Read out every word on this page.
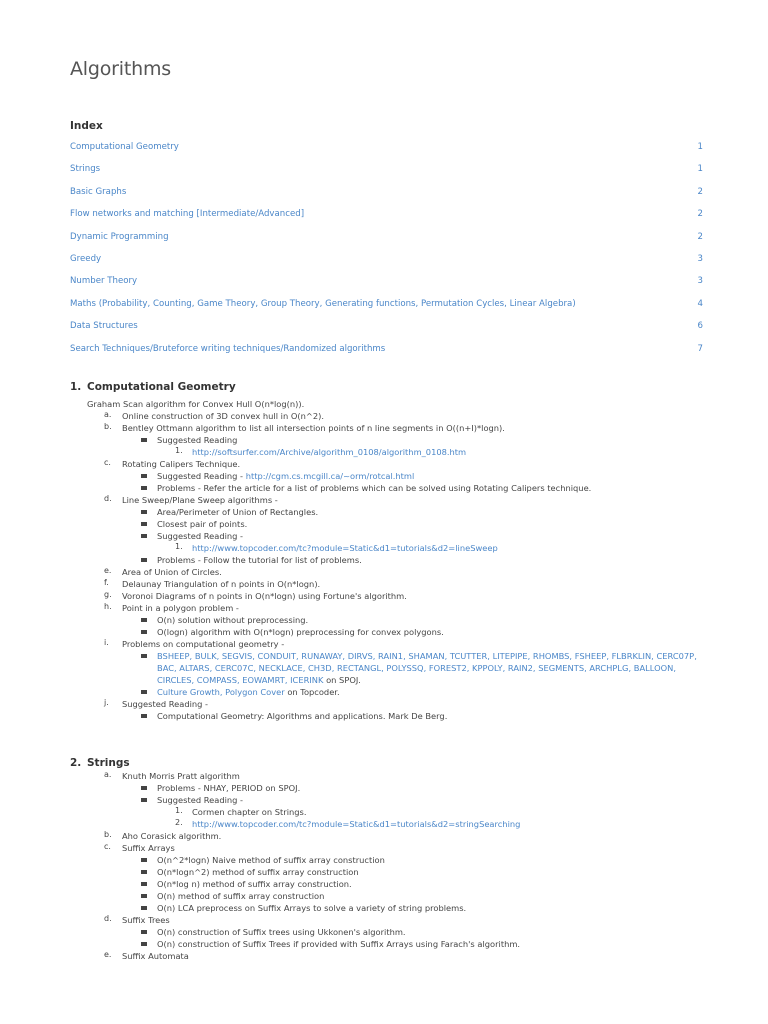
Algorithms
Index
Computational Geometry	1
Strings	1
Basic Graphs	2
Flow networks and matching [Intermediate/Advanced]	2
Dynamic Programming	2
Greedy	3
Number Theory	3
Maths (Probability, Counting, Game Theory, Group Theory, Generating functions, Permutation Cycles, Linear Algebra)	4
Data Structures	6
Search Techniques/Bruteforce writing techniques/Randomized algorithms	7
1. Computational Geometry
Graham Scan algorithm for Convex Hull O(n*log(n)).
a.	Online construction of 3D convex hull in O(n^2).
b.	Bentley Ottmann algorithm to list all intersection points of n line segments in O((n+I)*logn).
Suggested Reading
1.	http://softsurfer.com/Archive/algorithm_0108/algorithm_0108.htm
c.	Rotating Calipers Technique.
Suggested Reading - http://cgm.cs.mcgill.ca/~orm/rotcal.html
Problems - Refer the article for a list of problems which can be solved using Rotating Calipers technique.
d.	Line Sweep/Plane Sweep algorithms -
Area/Perimeter of Union of Rectangles.
Closest pair of points.
Suggested Reading -
1.	http://www.topcoder.com/tc?module=Static&d1=tutorials&d2=lineSweep
Problems - Follow the tutorial for list of problems.
e.	Area of Union of Circles.
f.	Delaunay Triangulation of n points in O(n*logn).
g.	Voronoi Diagrams of n points in O(n*logn) using Fortune's algorithm.
h.	Point in a polygon problem -
O(n) solution without preprocessing.
O(logn) algorithm with O(n*logn) preprocessing for convex polygons.
i.	Problems on computational geometry -
BSHEEP, BULK, SEGVIS, CONDUIT, RUNAWAY, DIRVS, RAIN1, SHAMAN, TCUTTER, LITEPIPE, RHOMBS, FSHEEP, FLBRKLIN, CERC07P,
BAC, ALTARS, CERC07C, NECKLACE, CH3D, RECTANGL, POLYSSQ, FOREST2, KPPOLY, RAIN2, SEGMENTS, ARCHPLG, BALLOON,
CIRCLES, COMPASS, EOWAMRT, ICERINK on SPOJ.
Culture Growth, Polygon Cover on Topcoder.
j.	Suggested Reading -
Computational Geometry: Algorithms and applications. Mark De Berg.
2. Strings
a.	Knuth Morris Pratt algorithm
Problems - NHAY, PERIOD on SPOJ.
Suggested Reading -
1.	Cormen chapter on Strings.
2.	http://www.topcoder.com/tc?module=Static&d1=tutorials&d2=stringSearching
b.	Aho Corasick algorithm.
c.	Suffix Arrays
O(n^2*logn) Naive method of suffix array construction
O(n*logn^2) method of suffix array construction
O(n*log n) method of suffix array construction.
O(n) method of suffix array construction
O(n) LCA preprocess on Suffix Arrays to solve a variety of string problems.
d.	Suffix Trees
O(n) construction of Suffix trees using Ukkonen's algorithm.
O(n) construction of Suffix Trees if provided with Suffix Arrays using Farach's algorithm.
e.	Suffix Automata
